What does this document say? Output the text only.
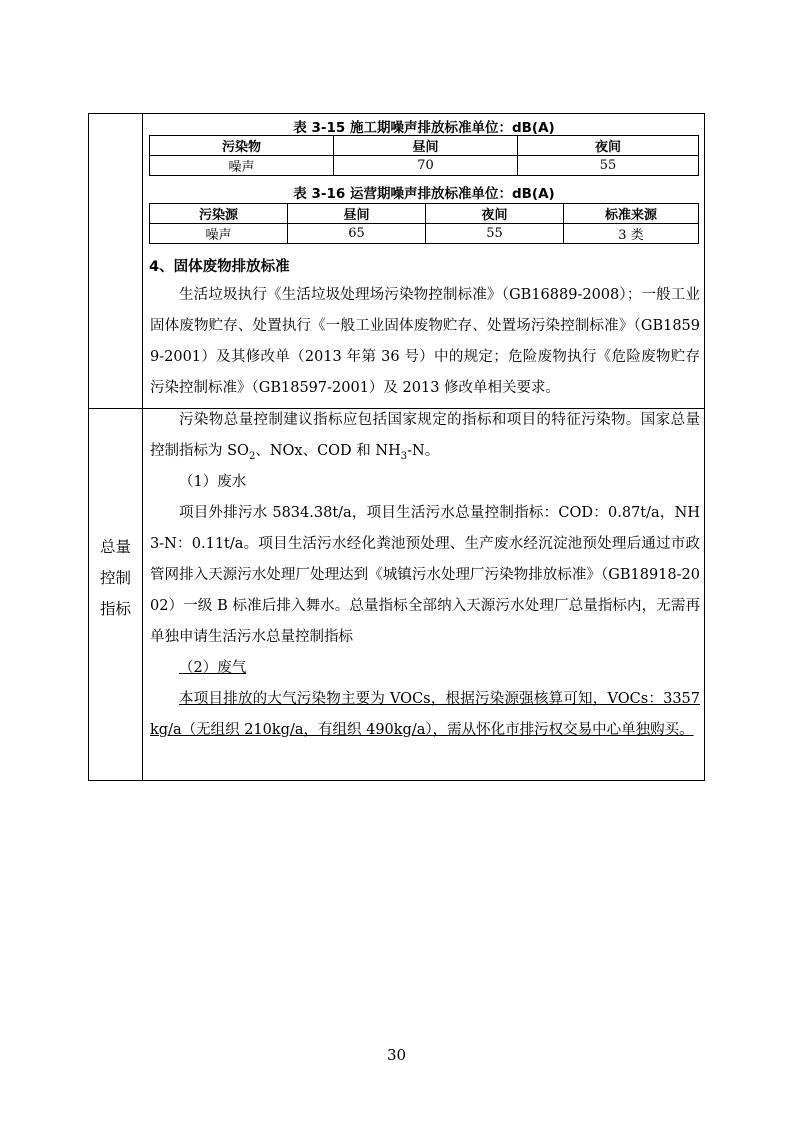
表 3-15 施工期噪声排放标准单位：dB(A)
污染物	昼间	夜间
噪声	70	55
表 3-16 运营期噪声排放标准单位：dB(A)
污染源	昼间	夜间	标准来源
噪声	65	55	3 类
4、固体废物排放标准
生活垃圾执行《生活垃圾处理场污染物控制标准》（GB16889-2008）；一般工业固体废物贮存、处置执行《一般工业固体废物贮存、处置场污染控制标准》（GB18599-2001）及其修改单（2013 年第 36 号）中的规定；危险废物执行《危险废物贮存污染控制标准》（GB18597-2001）及 2013 修改单相关要求。
总量
控制
指标
污染物总量控制建议指标应包括国家规定的指标和项目的特征污染物。国家总量控制指标为 $SO_2$、NOx、COD 和 $NH_3-N$。
（1）废水
项目外排污水 5834.38t/a，项目生活污水总量控制指标：COD：0.87t/a，NH3-N：0.11t/a。项目生活污水经化粪池预处理、生产废水经沉淀池预处理后通过市政管网排入天源污水处理厂处理达到《城镇污水处理厂污染物排放标准》（GB18918-2002）一级 B 标准后排入舞水。总量指标全部纳入天源污水处理厂总量指标内，无需再单独申请生活污水总量控制指标
（2）废气
本项目排放的大气污染物主要为 VOCs，根据污染源强核算可知，VOCs：3357kg/a（无组织 210kg/a，有组织 490kg/a），需从怀化市排污权交易中心单独购买。
30
